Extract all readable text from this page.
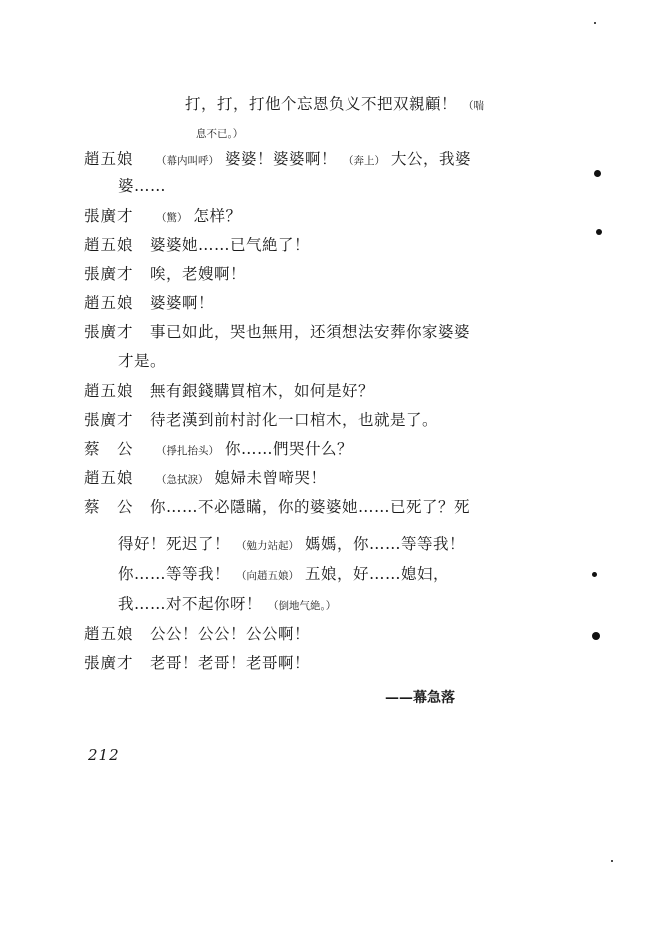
打，打，打他个忘恩负义不把双親顧！ （喘
息不已。）
趙五娘	（幕内叫呼） 婆婆！婆婆啊！ （奔上） 大公，我婆
婆……
張廣才	（驚） 怎样？
趙五娘	婆婆她……已气絶了！
張廣才	唉，老嫂啊！
趙五娘	婆婆啊！
張廣才	事已如此，哭也無用，还須想法安葬你家婆婆
才是。
趙五娘	無有銀錢購買棺木，如何是好？
張廣才	待老漢到前村討化一口棺木，也就是了。
蔡　公	（掙扎抬头） 你……們哭什么？
趙五娘	（急拭淚） 媳婦未曾啼哭！
蔡　公	你……不必隱瞞，你的婆婆她……已死了？死
得好！死迟了！ （勉力站起） 媽媽，你……等等我！
你……等等我！ （向趙五娘） 五娘，好……媳妇，
我……对不起你呀！ （倒地气絶。）
趙五娘	公公！公公！公公啊！
張廣才	老哥！老哥！老哥啊！
——幕急落
212
